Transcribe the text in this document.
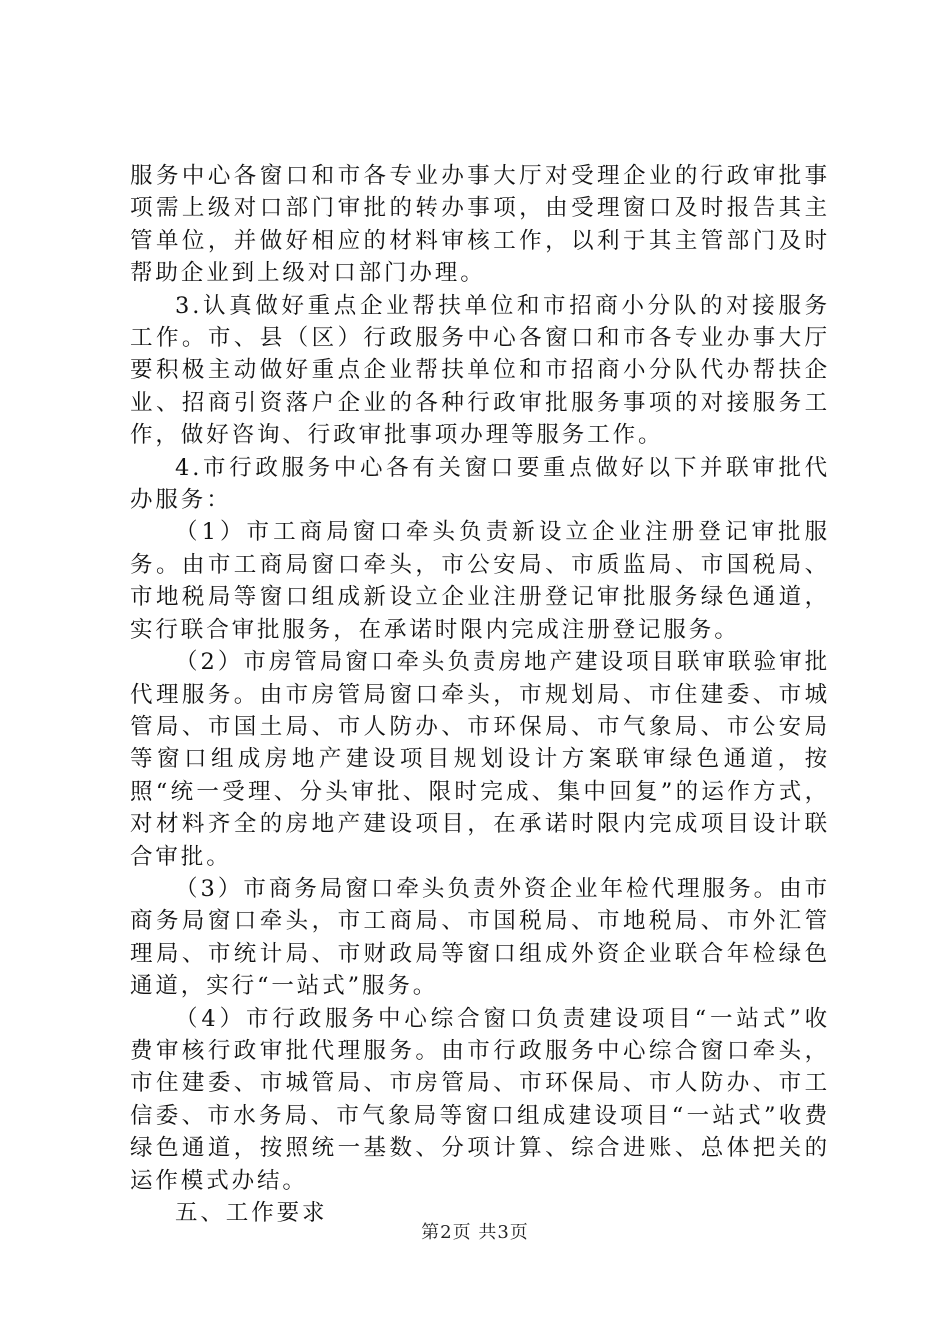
服务中心各窗口和市各专业办事大厅对受理企业的行政审批事项需上级对口部门审批的转办事项，由受理窗口及时报告其主管单位，并做好相应的材料审核工作，以利于其主管部门及时帮助企业到上级对口部门办理。

3.认真做好重点企业帮扶单位和市招商小分队的对接服务工作。市、县（区）行政服务中心各窗口和市各专业办事大厅要积极主动做好重点企业帮扶单位和市招商小分队代办帮扶企业、招商引资落户企业的各种行政审批服务事项的对接服务工作，做好咨询、行政审批事项办理等服务工作。

4.市行政服务中心各有关窗口要重点做好以下并联审批代办服务：

（1）市工商局窗口牵头负责新设立企业注册登记审批服务。由市工商局窗口牵头，市公安局、市质监局、市国税局、市地税局等窗口组成新设立企业注册登记审批服务绿色通道，实行联合审批服务，在承诺时限内完成注册登记服务。

（2）市房管局窗口牵头负责房地产建设项目联审联验审批代理服务。由市房管局窗口牵头，市规划局、市住建委、市城管局、市国土局、市人防办、市环保局、市气象局、市公安局等窗口组成房地产建设项目规划设计方案联审绿色通道，按照“统一受理、分头审批、限时完成、集中回复”的运作方式，对材料齐全的房地产建设项目，在承诺时限内完成项目设计联合审批。

（3）市商务局窗口牵头负责外资企业年检代理服务。由市商务局窗口牵头，市工商局、市国税局、市地税局、市外汇管理局、市统计局、市财政局等窗口组成外资企业联合年检绿色通道，实行“一站式”服务。

（4）市行政服务中心综合窗口负责建设项目“一站式”收费审核行政审批代理服务。由市行政服务中心综合窗口牵头，市住建委、市城管局、市房管局、市环保局、市人防办、市工信委、市水务局、市气象局等窗口组成建设项目“一站式”收费绿色通道，按照统一基数、分项计算、综合进账、总体把关的运作模式办结。

五、工作要求

第2页 共3页
